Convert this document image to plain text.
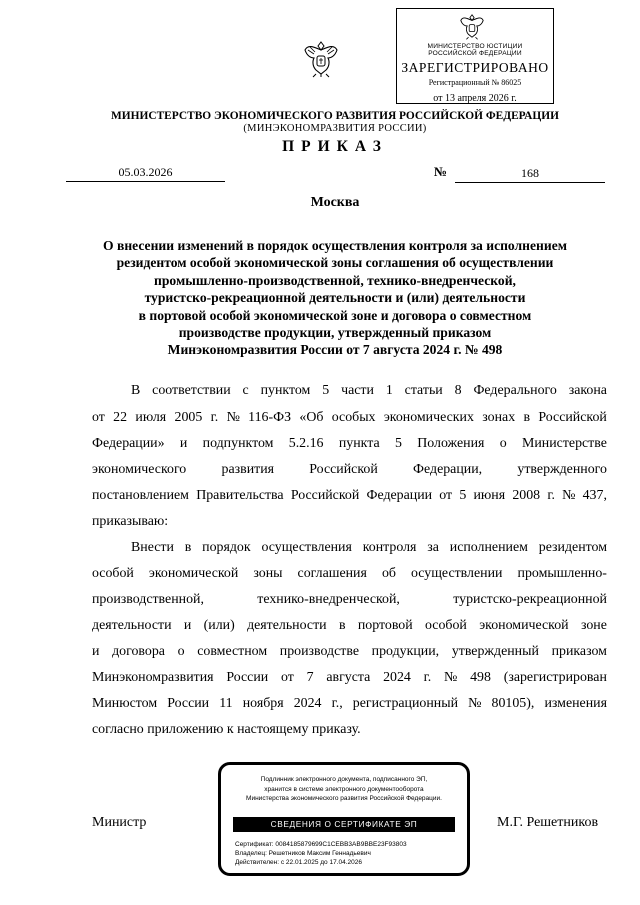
МИНИСТЕРСТВО ЮСТИЦИИ
РОССИЙСКОЙ ФЕДЕРАЦИИ
ЗАРЕГИСТРИРОВАНО
Регистрационный № 86025
от 13 апреля 2026 г.
МИНИСТЕРСТВО ЭКОНОМИЧЕСКОГО РАЗВИТИЯ РОССИЙСКОЙ ФЕДЕРАЦИИ
(МИНЭКОНОМРАЗВИТИЯ РОССИИ)
ПРИКАЗ
05.03.2026	№	168
Москва
О внесении изменений в порядок осуществления контроля за исполнением
резидентом особой экономической зоны соглашения об осуществлении
промышленно-производственной, технико-внедренческой,
туристско-рекреационной деятельности и (или) деятельности
в портовой особой экономической зоне и договора о совместном
производстве продукции, утвержденный приказом
Минэкономразвития России от 7 августа 2024 г. № 498
В соответствии с пунктом 5 части 1 статьи 8 Федерального закона
от 22 июля 2005 г. № 116-ФЗ «Об особых экономических зонах в Российской
Федерации» и подпунктом 5.2.16 пункта 5 Положения о Министерстве
экономического	развития	Российской	Федерации,	утвержденного
постановлением Правительства Российской Федерации от 5 июня 2008 г. № 437,
приказываю:
Внести в порядок осуществления контроля за исполнением резидентом
особой экономической зоны соглашения об осуществлении промышленно-
производственной,	технико-внедренческой,	туристско-рекреационной
деятельности и (или) деятельности в портовой особой экономической зоне
и договора о совместном производстве продукции, утвержденный приказом
Минэкономразвития России от 7 августа 2024 г. № 498 (зарегистрирован
Минюстом России 11 ноября 2024 г., регистрационный № 80105), изменения
согласно приложению к настоящему приказу.
Министр	М.Г. Решетников
Подлинник электронного документа, подписанного ЭП,
хранится в системе электронного документооборота
Министерства экономического развития Российской Федерации.
СВЕДЕНИЯ О СЕРТИФИКАТЕ ЭП
Сертификат: 0084185879699C1CEBB3AB9BBE23F93803
Владелец: Решетников Максим Геннадьевич
Действителен: с 22.01.2025 до 17.04.2026
